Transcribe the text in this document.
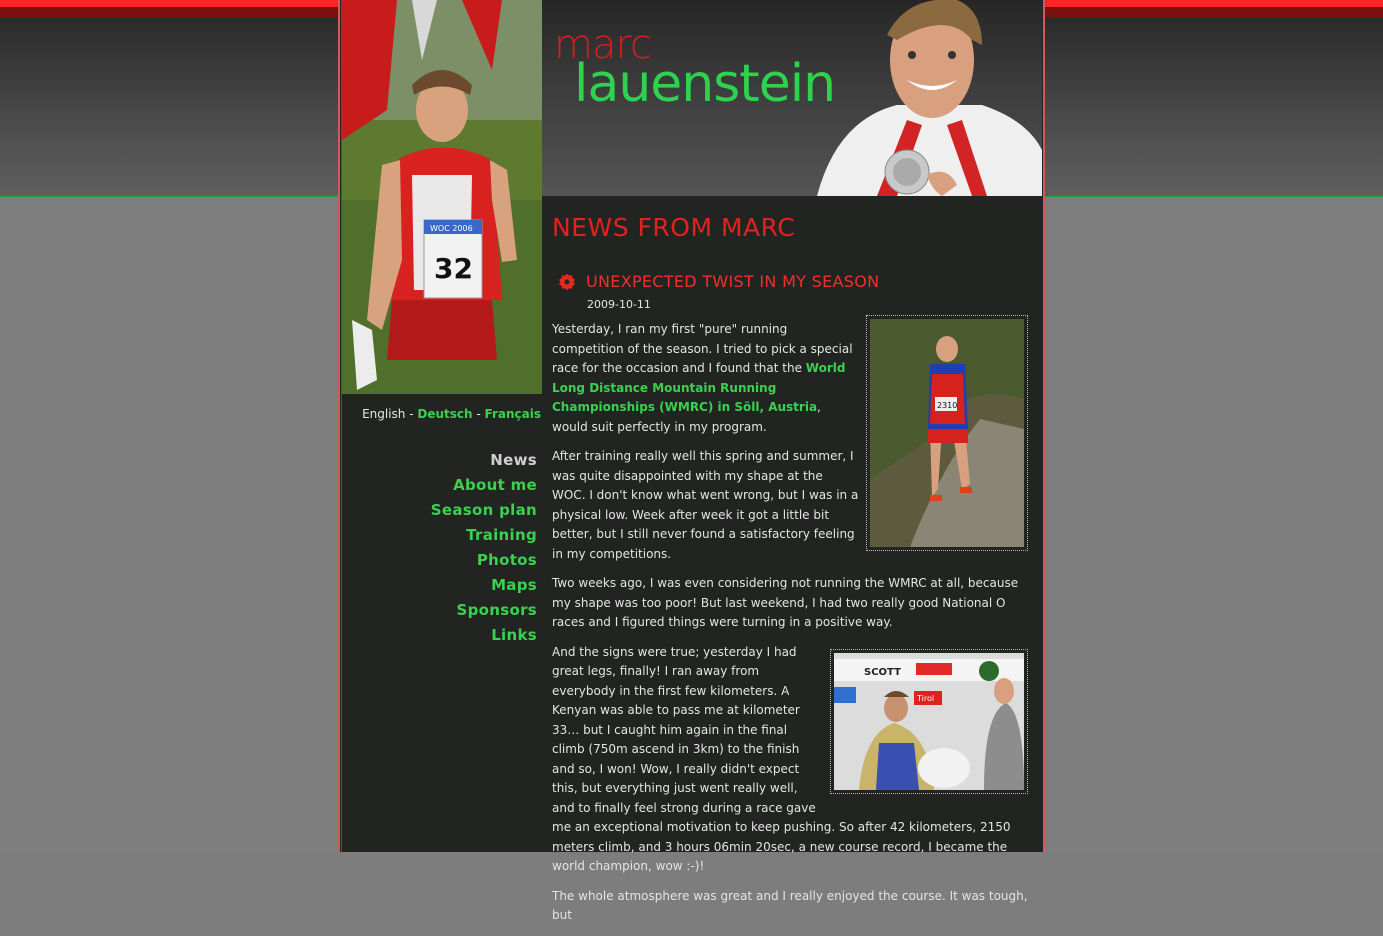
WOC 2006
32
marc
lauenstein
English - Deutsch - Français
News
About me
Season plan
Training
Photos
Maps
Sponsors
Links
NEWS FROM MARC
UNEXPECTED TWIST IN MY SEASON
2009-10-11
2310

Yesterday, I ran my first "pure" running competition of the season. I tried to pick a special race for the occasion and I found that the World Long Distance Mountain Running Championships (WMRC) in Söll, Austria, would suit perfectly in my program.

After training really well this spring and summer, I was quite disappointed with my shape at the WOC. I don't know what went wrong, but I was in a physical low. Week after week it got a little bit better, but I still never found a satisfactory feeling in my competitions.

Two weeks ago, I was even considering not running the WMRC at all, because my shape was too poor! But last weekend, I had two really good National O races and I figured things were turning in a positive way.

SCOTT
Tirol

And the signs were true; yesterday I had great legs, finally! I ran away from everybody in the first few kilometers. A Kenyan was able to pass me at kilometer 33… but I caught him again in the final climb (750m ascend in 3km) to the finish and so, I won! Wow, I really didn't expect this, but everything just went really well, and to finally feel strong during a race gave me an exceptional motivation to keep pushing. So after 42 kilometers, 2150 meters climb, and 3 hours 06min 20sec, a new course record, I became the world champion, wow :-)!

The whole atmosphere was great and I really enjoyed the course. It was tough, but
